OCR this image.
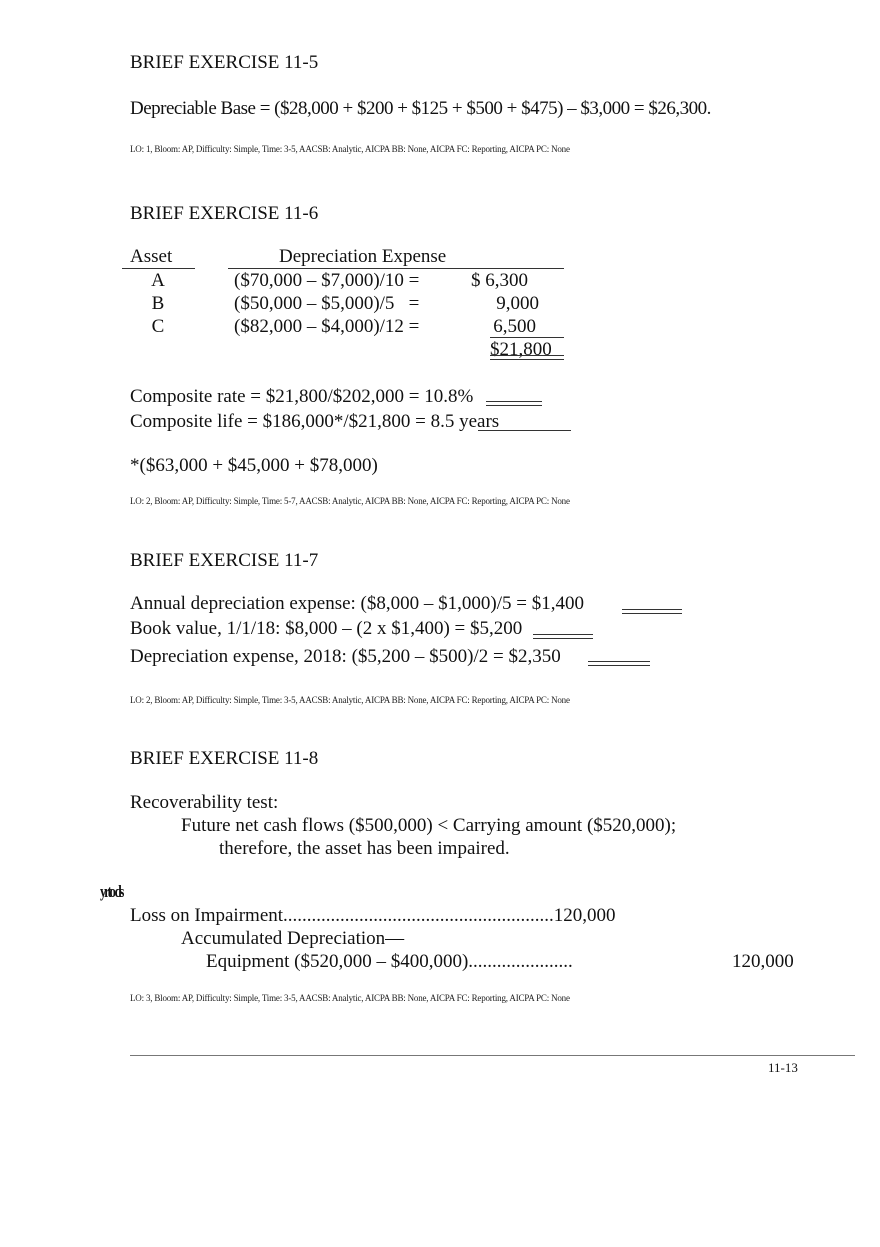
BRIEF EXERCISE 11-5
Depreciable Base = ($28,000 + $200 + $125 + $500 + $475) – $3,000 = $26,300.
LO: 1, Bloom: AP, Difficulty: Simple, Time: 3-5, AACSB: Analytic, AICPA BB: None, AICPA FC: Reporting, AICPA PC: None
BRIEF EXERCISE 11-6
Asset	Depreciation Expense
A	($70,000 – $7,000)/10 =	$ 6,300
B	($50,000 – $5,000)/5   =	9,000
C	($82,000 – $4,000)/12 =	6,500
$21,800
Composite rate = $21,800/$202,000 = 10.8%
Composite life = $186,000*/$21,800 = 8.5 years
*($63,000 + $45,000 + $78,000)
LO: 2, Bloom: AP, Difficulty: Simple, Time: 5-7, AACSB: Analytic, AICPA BB: None, AICPA FC: Reporting, AICPA PC: None
BRIEF EXERCISE 11-7
Annual depreciation expense: ($8,000 – $1,000)/5 = $1,400
Book value, 1/1/18: $8,000 – (2 x $1,400) = $5,200
Depreciation expense, 2018: ($5,200 – $500)/2 = $2,350
LO: 2, Bloom: AP, Difficulty: Simple, Time: 3-5, AACSB: Analytic, AICPA BB: None, AICPA FC: Reporting, AICPA PC: None
BRIEF EXERCISE 11-8
Recoverability test:
Future net cash flows ($500,000) < Carrying amount ($520,000);
therefore, the asset has been impaired.
yrto ds
Loss on Impairment.........................................................120,000
Accumulated Depreciation—
Equipment ($520,000 – $400,000)......................	120,000
LO: 3, Bloom: AP, Difficulty: Simple, Time: 3-5, AACSB: Analytic, AICPA BB: None, AICPA FC: Reporting, AICPA PC: None
11-13
